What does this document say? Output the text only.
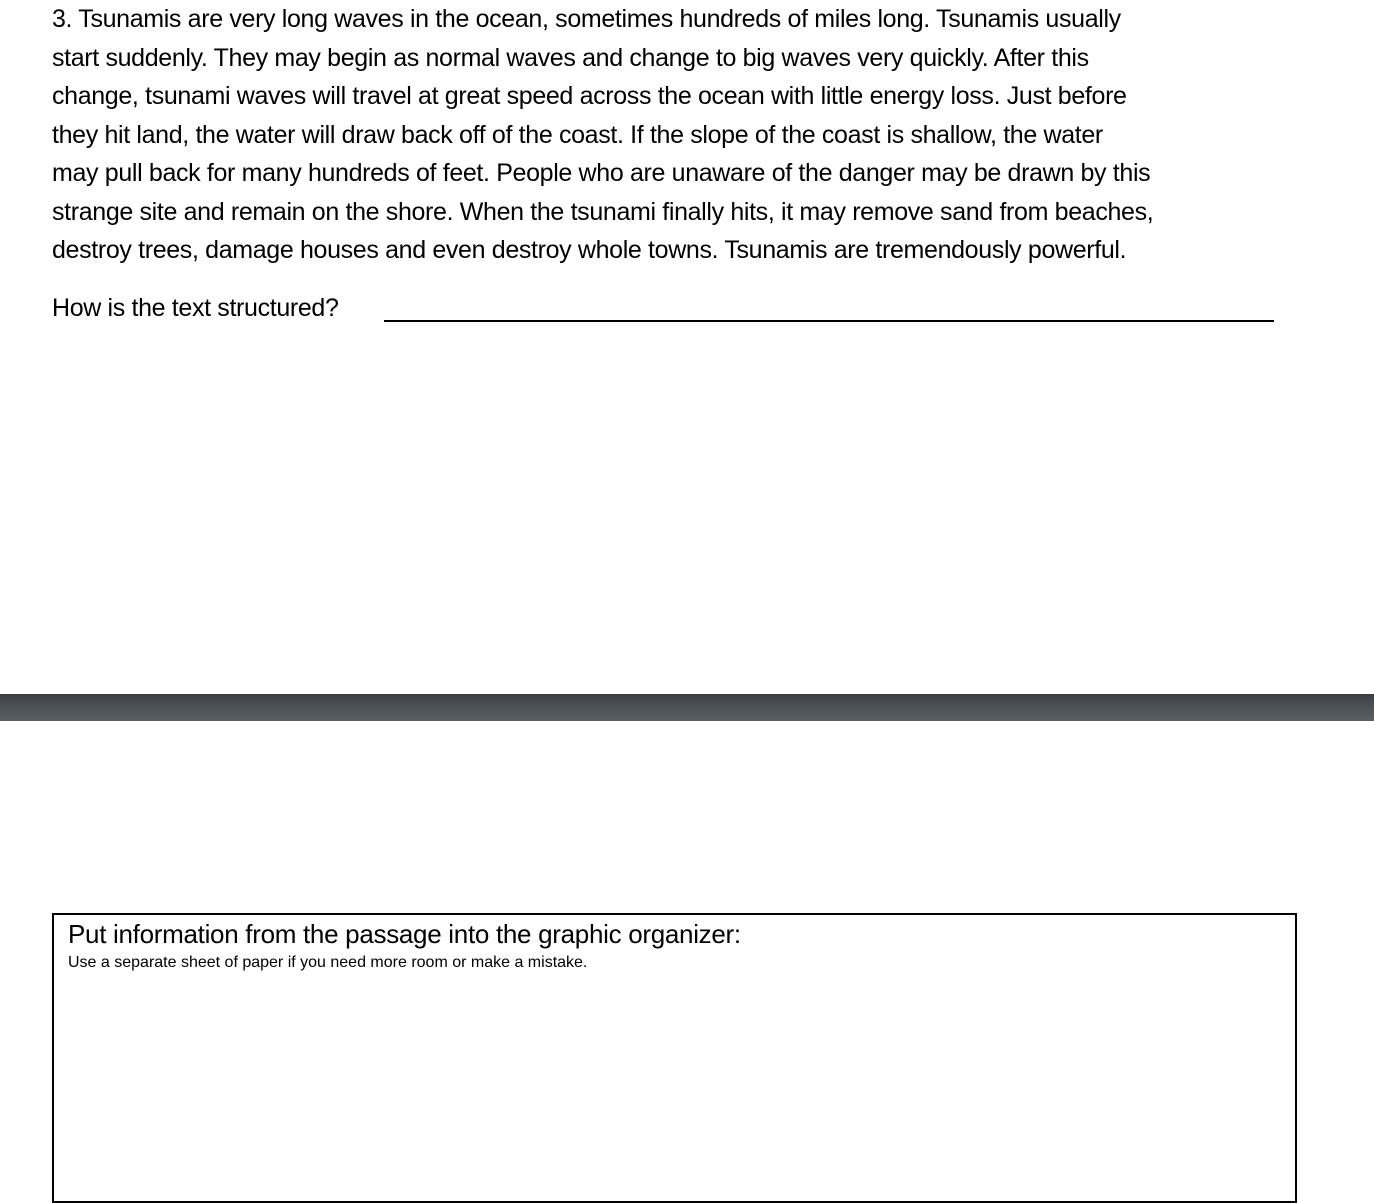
3. Tsunamis are very long waves in the ocean, sometimes hundreds of miles long. Tsunamis usually
start suddenly. They may begin as normal waves and change to big waves very quickly. After this
change, tsunami waves will travel at great speed across the ocean with little energy loss. Just before
they hit land, the water will draw back off of the coast. If the slope of the coast is shallow, the water
may pull back for many hundreds of feet. People who are unaware of the danger may be drawn by this
strange site and remain on the shore. When the tsunami finally hits, it may remove sand from beaches,
destroy trees, damage houses and even destroy whole towns. Tsunamis are tremendously powerful.
How is the text structured?
Put information from the passage into the graphic organizer:
Use a separate sheet of paper if you need more room or make a mistake.
